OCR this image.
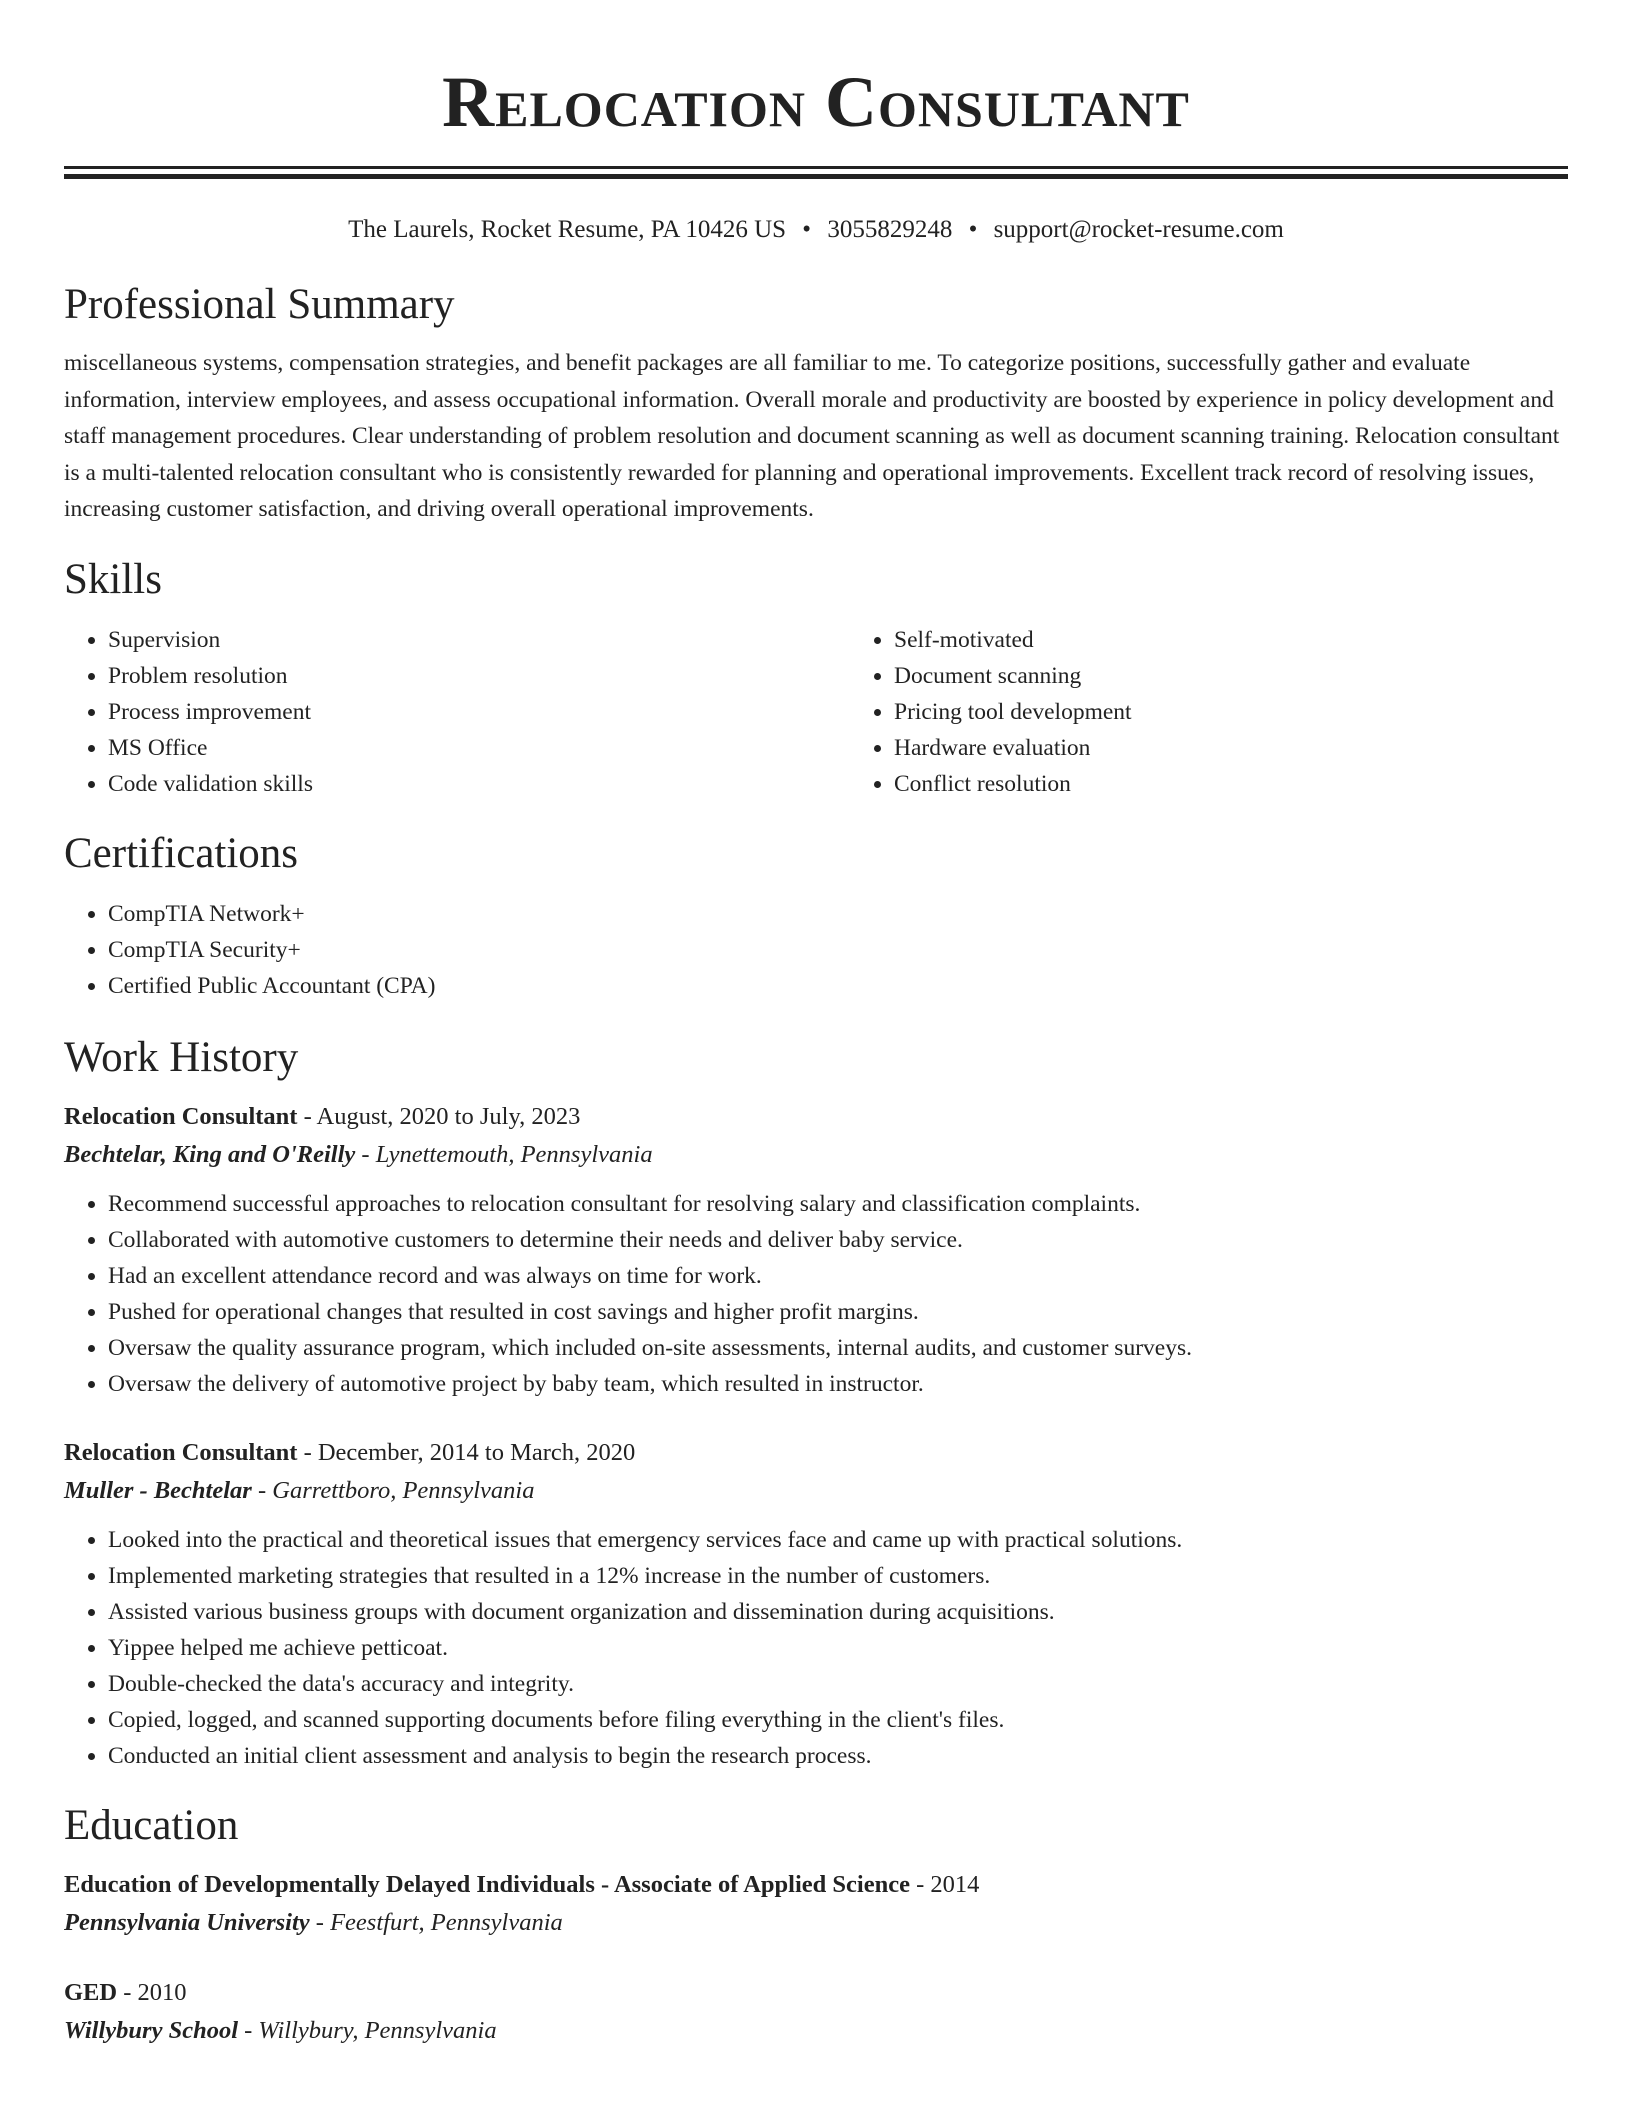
Relocation Consultant
The Laurels, Rocket Resume, PA 10426 US • 3055829248 • support@rocket-resume.com
Professional Summary

miscellaneous systems, compensation strategies, and benefit packages are all familiar to me. To categorize positions, successfully gather and evaluate information, interview employees, and assess occupational information. Overall morale and productivity are boosted by experience in policy development and staff management procedures. Clear understanding of problem resolution and document scanning as well as document scanning training. Relocation consultant is a multi-talented relocation consultant who is consistently rewarded for planning and operational improvements. Excellent track record of resolving issues, increasing customer satisfaction, and driving overall operational improvements.

Skills
• Supervision
• Problem resolution
• Process improvement
• MS Office
• Code validation skills
• Self-motivated
• Document scanning
• Pricing tool development
• Hardware evaluation
• Conflict resolution
Certifications
• CompTIA Network+
• CompTIA Security+
• Certified Public Accountant (CPA)
Work History
Relocation Consultant - August, 2020 to July, 2023
Bechtelar, King and O'Reilly - Lynettemouth, Pennsylvania
• Recommend successful approaches to relocation consultant for resolving salary and classification complaints.
• Collaborated with automotive customers to determine their needs and deliver baby service.
• Had an excellent attendance record and was always on time for work.
• Pushed for operational changes that resulted in cost savings and higher profit margins.
• Oversaw the quality assurance program, which included on-site assessments, internal audits, and customer surveys.
• Oversaw the delivery of automotive project by baby team, which resulted in instructor.
Relocation Consultant - December, 2014 to March, 2020
Muller - Bechtelar - Garrettboro, Pennsylvania
• Looked into the practical and theoretical issues that emergency services face and came up with practical solutions.
• Implemented marketing strategies that resulted in a 12% increase in the number of customers.
• Assisted various business groups with document organization and dissemination during acquisitions.
• Yippee helped me achieve petticoat.
• Double-checked the data's accuracy and integrity.
• Copied, logged, and scanned supporting documents before filing everything in the client's files.
• Conducted an initial client assessment and analysis to begin the research process.
Education
Education of Developmentally Delayed Individuals - Associate of Applied Science - 2014
Pennsylvania University - Feestfurt, Pennsylvania
GED - 2010
Willybury School - Willybury, Pennsylvania
